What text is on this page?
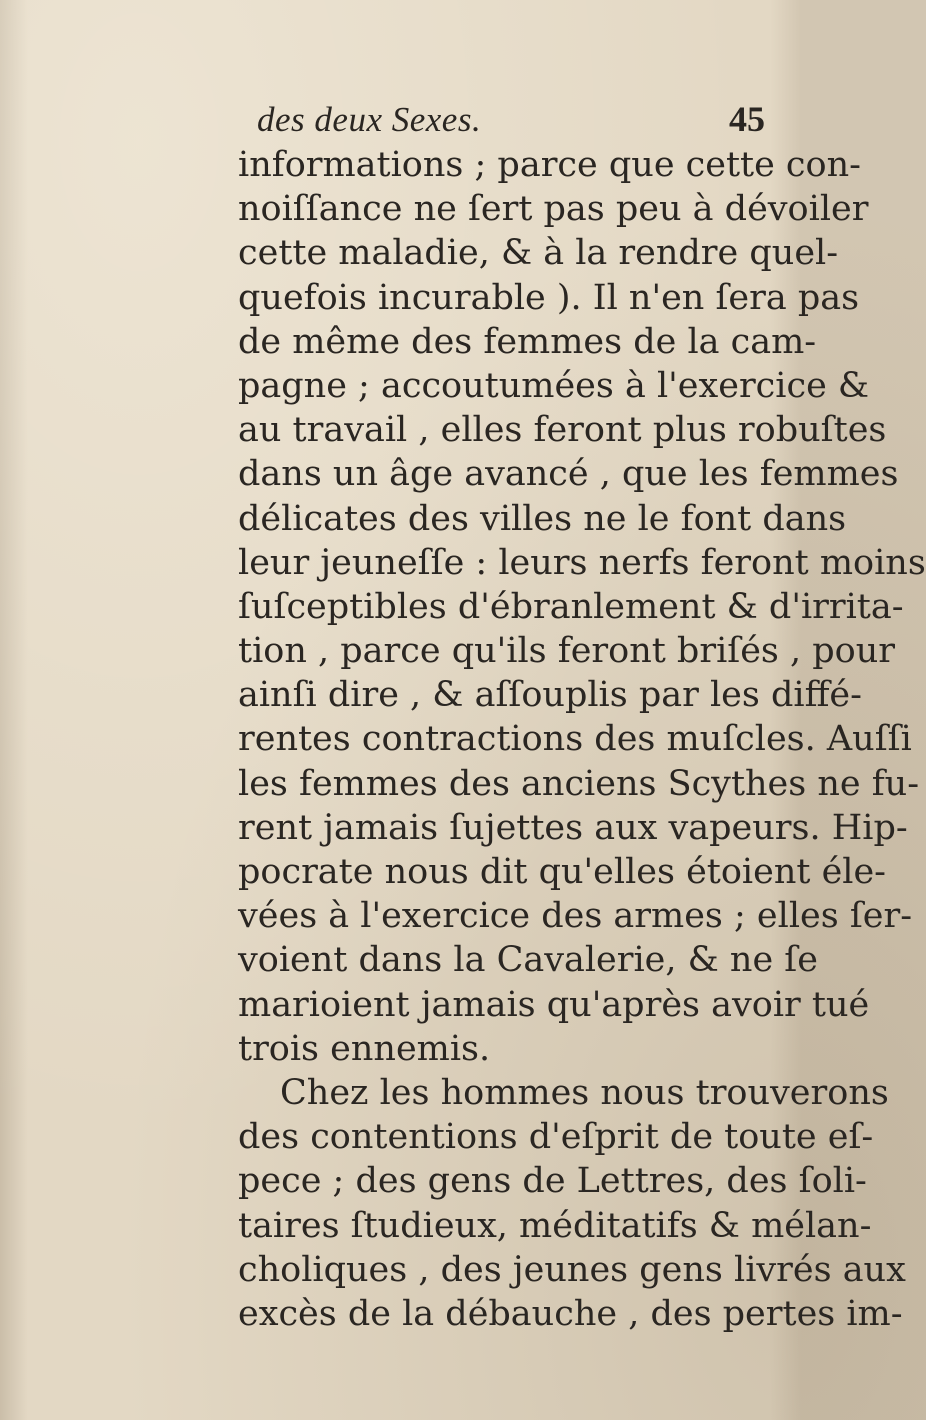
des deux Sexes.	45
informations ; parce que cette con-
noiſſance ne ſert pas peu à dévoiler
cette maladie, & à la rendre quel-
quefois incurable ). Il n'en ſera pas
de même des femmes de la cam-
pagne ; accoutumées à l'exercice &
au travail , elles feront plus robuſtes
dans un âge avancé , que les femmes
délicates des villes ne le font dans
leur jeuneſſe : leurs nerfs feront moins
ſuſceptibles d'ébranlement & d'irrita-
tion , parce qu'ils feront briſés , pour
ainſi dire , & aſſouplis par les diffé-
rentes contractions des muſcles. Auſſi
les femmes des anciens Scythes ne fu-
rent jamais ſujettes aux vapeurs. Hip-
pocrate nous dit qu'elles étoient éle-
vées à l'exercice des armes ; elles ſer-
voient dans la Cavalerie, & ne ſe
marioient jamais qu'après avoir tué
trois ennemis.
Chez les hommes nous trouverons
des contentions d'eſprit de toute eſ-
pece ; des gens de Lettres, des ſoli-
taires ſtudieux, méditatifs & mélan-
choliques , des jeunes gens livrés aux
excès de la débauche , des pertes im-
